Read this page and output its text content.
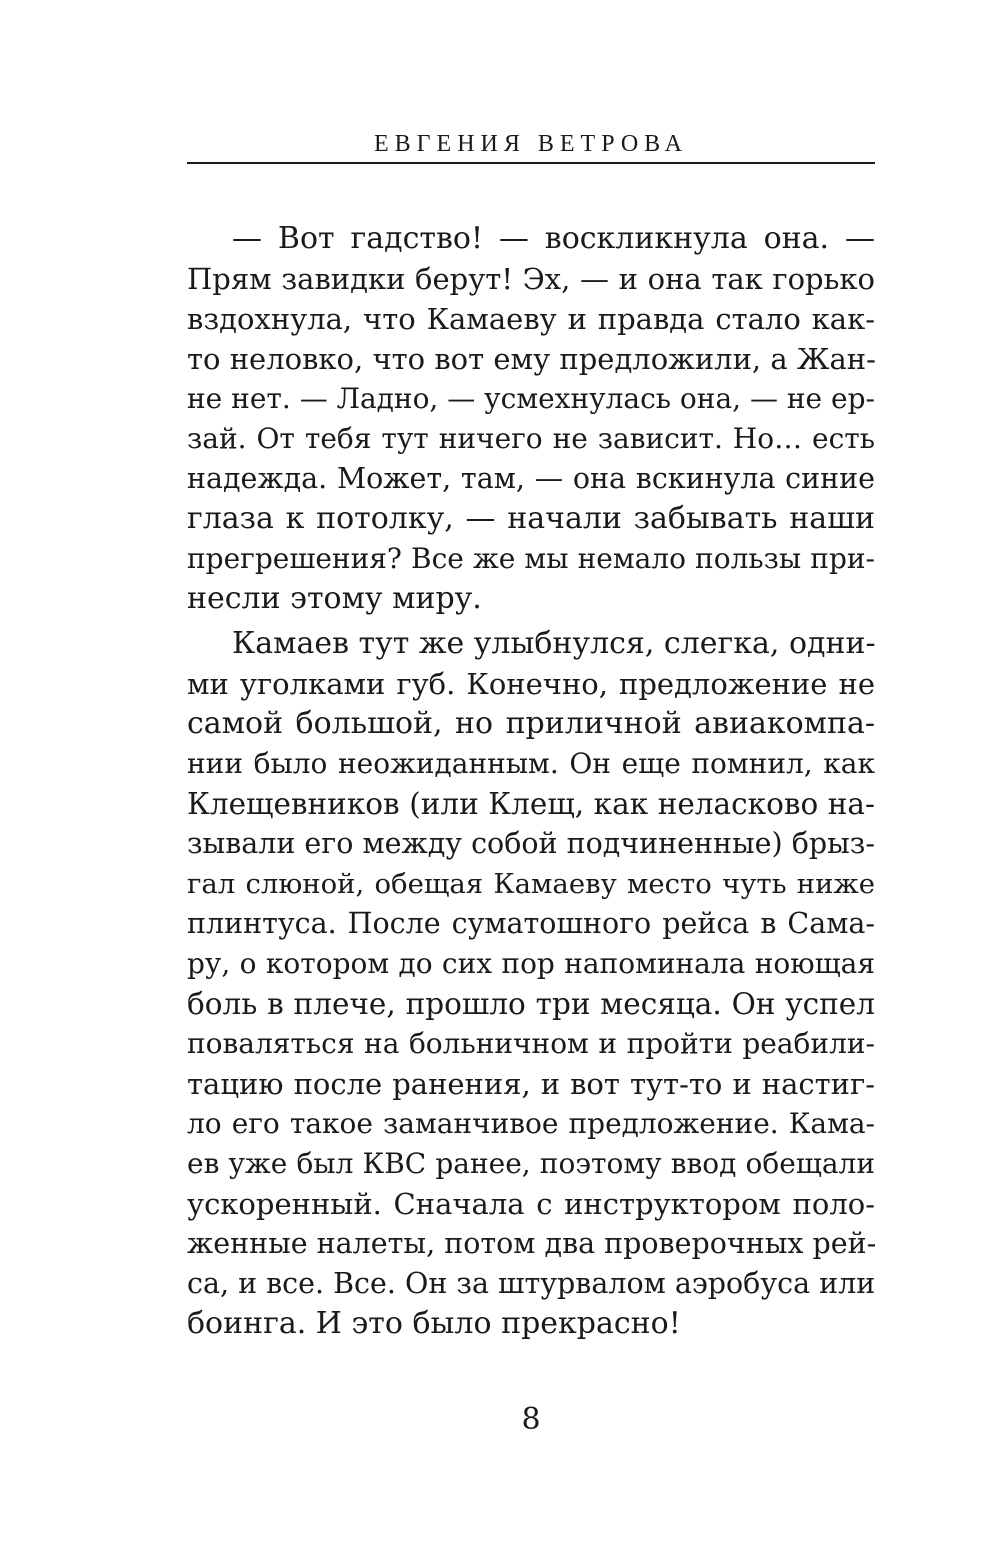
ЕВГЕНИЯ ВЕТРОВА
— Вот гадство! — воскликнула она. —
Прям завидки берут! Эх, — и она так горько
вздохнула, что Камаеву и правда стало как-
то неловко, что вот ему предложили, а Жан-
не нет. — Ладно, — усмехнулась она, — не ер-
зай. От тебя тут ничего не зависит. Но… есть
надежда. Может, там, — она вскинула синие
глаза к потолку, — начали забывать наши
прегрешения? Все же мы немало пользы при-
несли этому миру.
Камаев тут же улыбнулся, слегка, одни-
ми уголками губ. Конечно, предложение не
самой большой, но приличной авиакомпа-
нии было неожиданным. Он еще помнил, как
Клещевников (или Клещ, как неласково на-
зывали его между собой подчиненные) брыз-
гал слюной, обещая Камаеву место чуть ниже
плинтуса. После суматошного рейса в Сама-
ру, о котором до сих пор напоминала ноющая
боль в плече, прошло три месяца. Он успел
поваляться на больничном и пройти реабили-
тацию после ранения, и вот тут-то и настиг-
ло его такое заманчивое предложение. Кама-
ев уже был КВС ранее, поэтому ввод обещали
ускоренный. Сначала с инструктором поло-
женные налеты, потом два проверочных рей-
са, и все. Все. Он за штурвалом аэробуса или
боинга. И это было прекрасно!
8
